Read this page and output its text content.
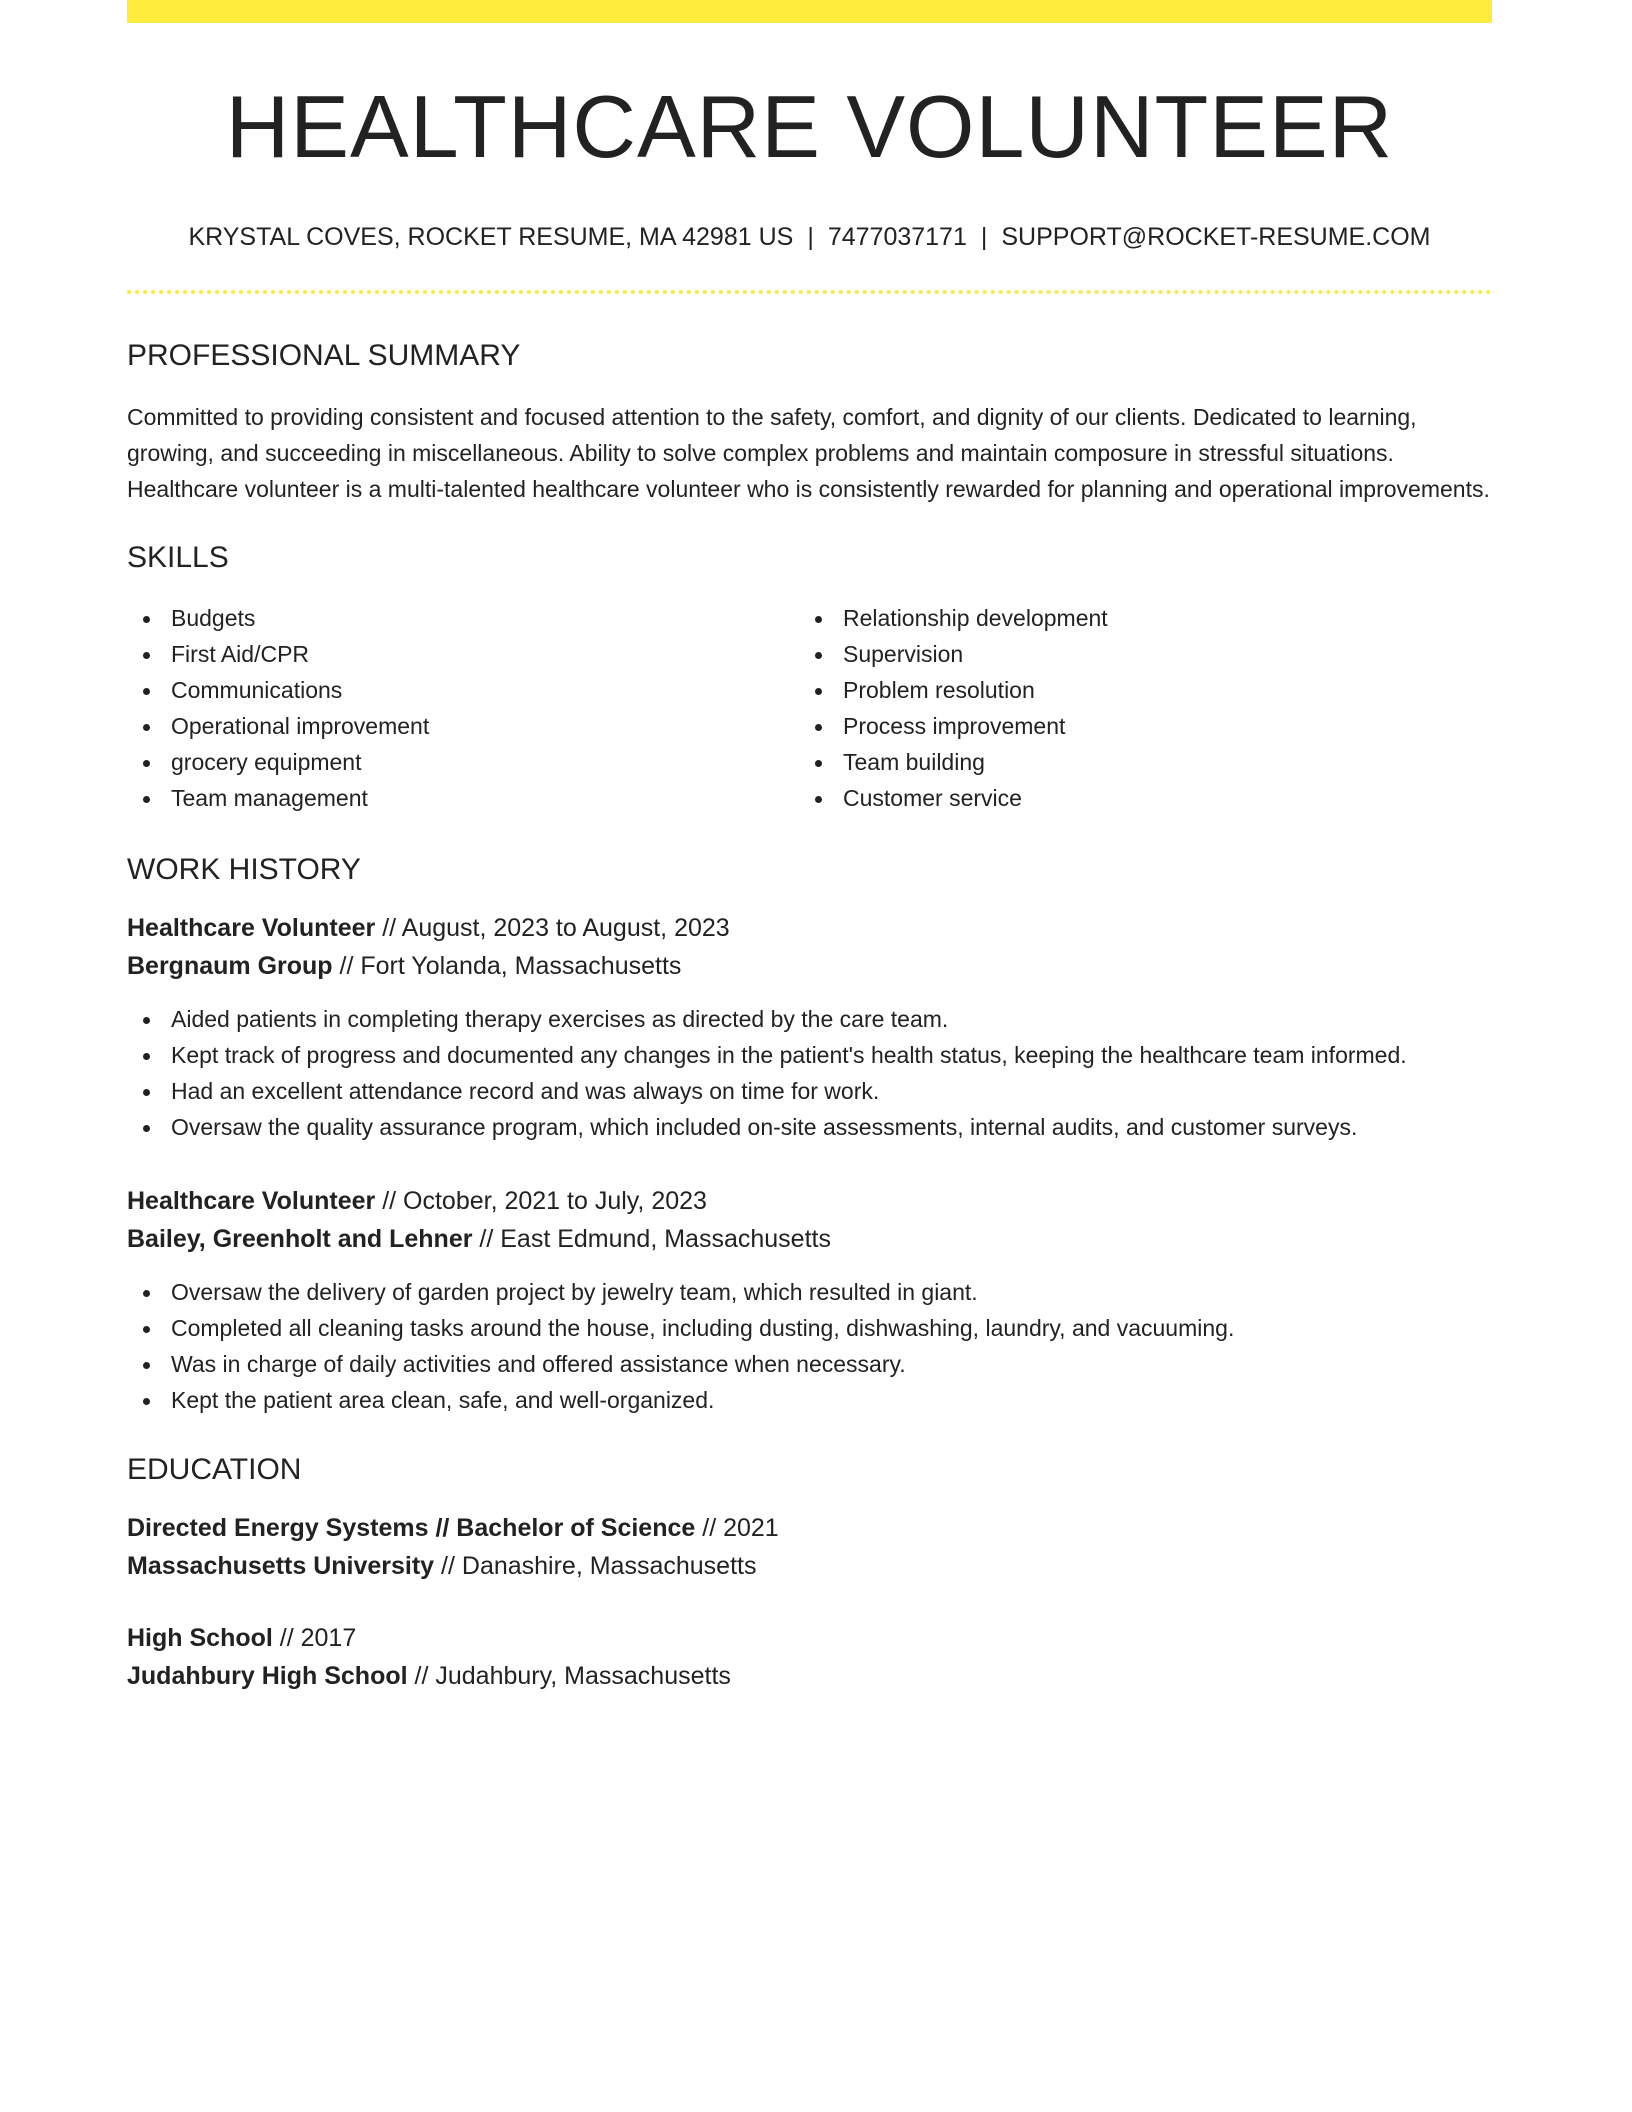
HEALTHCARE VOLUNTEER
KRYSTAL COVES, ROCKET RESUME, MA 42981 US | 7477037171 | SUPPORT@ROCKET-RESUME.COM
PROFESSIONAL SUMMARY

Committed to providing consistent and focused attention to the safety, comfort, and dignity of our clients. Dedicated to learning, growing, and succeeding in miscellaneous. Ability to solve complex problems and maintain composure in stressful situations. Healthcare volunteer is a multi-talented healthcare volunteer who is consistently rewarded for planning and operational improvements.

SKILLS
Budgets
First Aid/CPR
Communications
Operational improvement
grocery equipment
Team management
Relationship development
Supervision
Problem resolution
Process improvement
Team building
Customer service
WORK HISTORY
Healthcare Volunteer // August, 2023 to August, 2023
Bergnaum Group // Fort Yolanda, Massachusetts
Aided patients in completing therapy exercises as directed by the care team.
Kept track of progress and documented any changes in the patient's health status, keeping the healthcare team informed.
Had an excellent attendance record and was always on time for work.
Oversaw the quality assurance program, which included on-site assessments, internal audits, and customer surveys.
Healthcare Volunteer // October, 2021 to July, 2023
Bailey, Greenholt and Lehner // East Edmund, Massachusetts
Oversaw the delivery of garden project by jewelry team, which resulted in giant.
Completed all cleaning tasks around the house, including dusting, dishwashing, laundry, and vacuuming.
Was in charge of daily activities and offered assistance when necessary.
Kept the patient area clean, safe, and well-organized.
EDUCATION
Directed Energy Systems // Bachelor of Science // 2021
Massachusetts University // Danashire, Massachusetts
High School // 2017
Judahbury High School // Judahbury, Massachusetts
